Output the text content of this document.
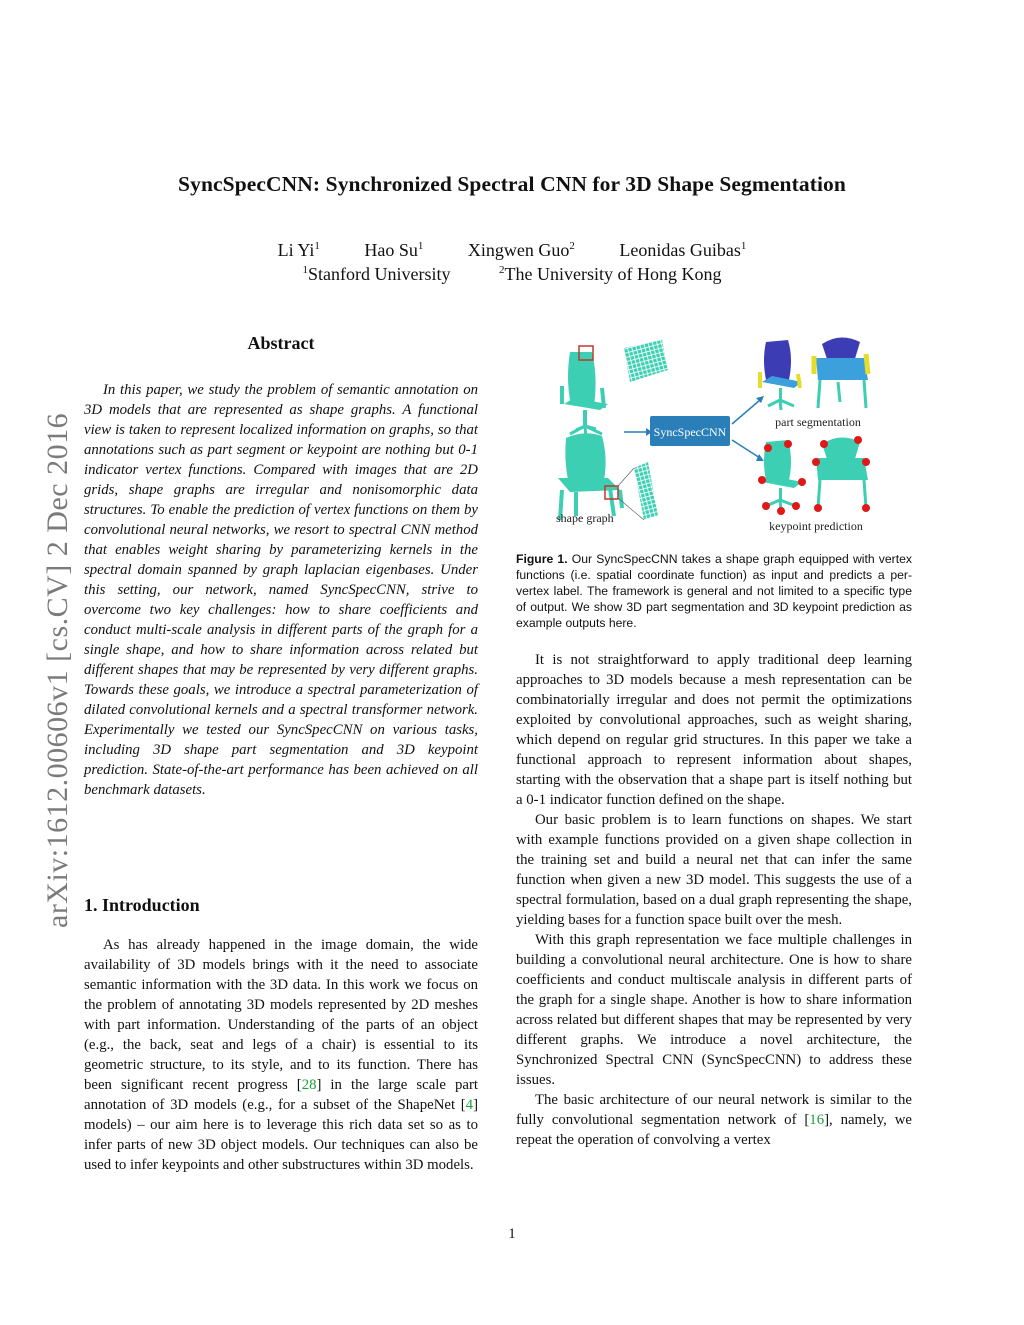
SyncSpecCNN: Synchronized Spectral CNN for 3D Shape Segmentation
Li Yi$^1$ Hao Su$^1$ Xingwen Guo$^2$ Leonidas Guibas$^1$
$^1$Stanford University	$^2$The University of Hong Kong
arXiv:1612.00606v1 [cs.CV] 2 Dec 2016
Abstract
In this paper, we study the problem of semantic annotation on 3D models that are represented as shape graphs. A functional view is taken to represent localized information on graphs, so that annotations such as part segment or keypoint are nothing but 0-1 indicator vertex functions. Compared with images that are 2D grids, shape graphs are irregular and nonisomorphic data structures. To enable the prediction of vertex functions on them by convolutional neural networks, we resort to spectral CNN method that enables weight sharing by parameterizing kernels in the spectral domain spanned by graph laplacian eigenbases. Under this setting, our network, named SyncSpecCNN, strive to overcome two key challenges: how to share coefficients and conduct multi-scale analysis in different parts of the graph for a single shape, and how to share information across related but different shapes that may be represented by very different graphs. Towards these goals, we introduce a spectral parameterization of dilated convolutional kernels and a spectral transformer network. Experimentally we tested our SyncSpecCNN on various tasks, including 3D shape part segmentation and 3D keypoint prediction. State-of-the-art performance has been achieved on all benchmark datasets.
1. Introduction
As has already happened in the image domain, the wide availability of 3D models brings with it the need to associate semantic information with the 3D data. In this work we focus on the problem of annotating 3D models represented by 2D meshes with part information. Understanding of the parts of an object (e.g., the back, seat and legs of a chair) is essential to its geometric structure, to its style, and to its function. There has been significant recent progress [28] in the large scale part annotation of 3D models (e.g., for a subset of the ShapeNet [4] models) – our aim here is to leverage this rich data set so as to infer parts of new 3D object models. Our techniques can also be used to infer keypoints and other substructures within 3D models.
shape graph
SyncSpecCNN
part segmentation
keypoint prediction
Figure 1. Our SyncSpecCNN takes a shape graph equipped with vertex functions (i.e. spatial coordinate function) as input and predicts a per-vertex label. The framework is general and not limited to a specific type of output. We show 3D part segmentation and 3D keypoint prediction as example outputs here.

It is not straightforward to apply traditional deep learning approaches to 3D models because a mesh representation can be combinatorially irregular and does not permit the optimizations exploited by convolutional approaches, such as weight sharing, which depend on regular grid structures. In this paper we take a functional approach to represent information about shapes, starting with the observation that a shape part is itself nothing but a 0-1 indicator function defined on the shape.

Our basic problem is to learn functions on shapes. We start with example functions provided on a given shape collection in the training set and build a neural net that can infer the same function when given a new 3D model. This suggests the use of a spectral formulation, based on a dual graph representing the shape, yielding bases for a function space built over the mesh.

With this graph representation we face multiple challenges in building a convolutional neural architecture. One is how to share coefficients and conduct multiscale analysis in different parts of the graph for a single shape. Another is how to share information across related but different shapes that may be represented by very different graphs. We introduce a novel architecture, the Synchronized Spectral CNN (SyncSpecCNN) to address these issues.

The basic architecture of our neural network is similar to the fully convolutional segmentation network of [16], namely, we repeat the operation of convolving a vertex

1
